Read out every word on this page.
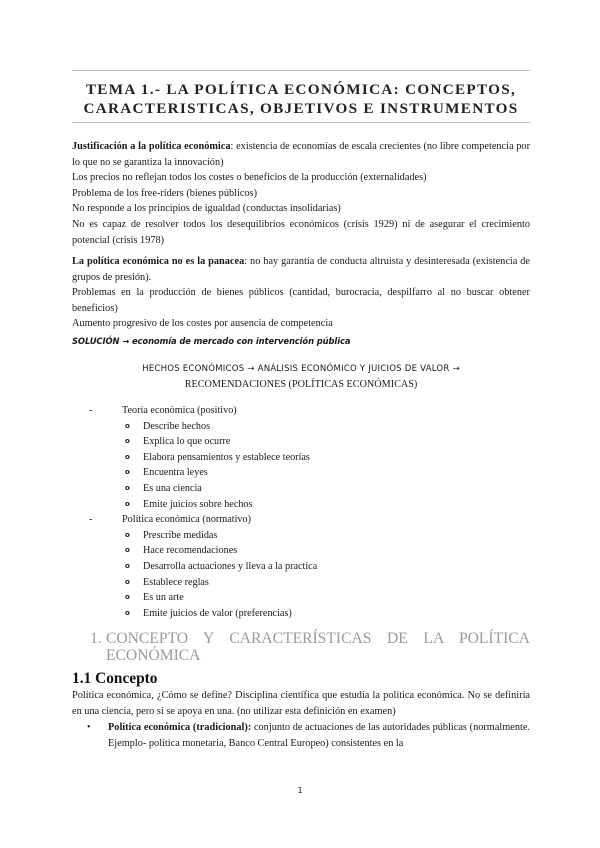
TEMA 1.- LA POLÍTICA ECONÓMICA: CONCEPTOS,
CARACTERISTICAS, OBJETIVOS E INSTRUMENTOS
Justificación a la política económica: existencia de economías de escala crecientes (no libre competencia por lo que no se garantiza la innovación)
Los precios no reflejan todos los costes o beneficios de la producción (externalidades)
Problema de los free-riders (bienes públicos)
No responde a los principios de igualdad (conductas insolidarias)
No es capaz de resolver todos los desequilibrios económicos (crisis 1929) ni de asegurar el crecimiento potencial (crisis 1978)
La política económica no es la panacea: no hay garantía de conducta altruista y desinteresada (existencia de grupos de presión).
Problemas en la producción de bienes públicos (cantidad, burocracia, despilfarro al no buscar obtener beneficios)
Aumento progresivo de los costes por ausencia de competencia
SOLUCIÓN → economía de mercado con intervención pública
HECHOS ECONÓMICOS → ANÁLISIS ECONÓMICO Y JUICIOS DE VALOR →
RECOMENDACIONES (POLÍTICAS ECONÓMICAS)
-	Teoría económica (positivo)
o Describe hechos
o Explica lo que ocurre
o Elabora pensamientos y establece teorías
o Encuentra leyes
o Es una ciencia
o Emite juicios sobre hechos
-	Política económica (normativo)
o Prescribe medidas
o Hace recomendaciones
o Desarrolla actuaciones y lleva a la practica
o Establece reglas
o Es un arte
o Emite juicios de valor (preferencias)
1. CONCEPTO Y CARACTERÍSTICAS DE LA POLÍTICA
ECONÓMICA
1.1 Concepto
Política económica, ¿Cómo se define? Disciplina científica que estudia la política económica. No se definiría en una ciencia, pero si se apoya en una. (no utilizar esta definición en examen)
• Política económica (tradicional): conjunto de actuaciones de las autoridades públicas (normalmente. Ejemplo- política monetaria, Banco Central Europeo) consistentes en la
1
